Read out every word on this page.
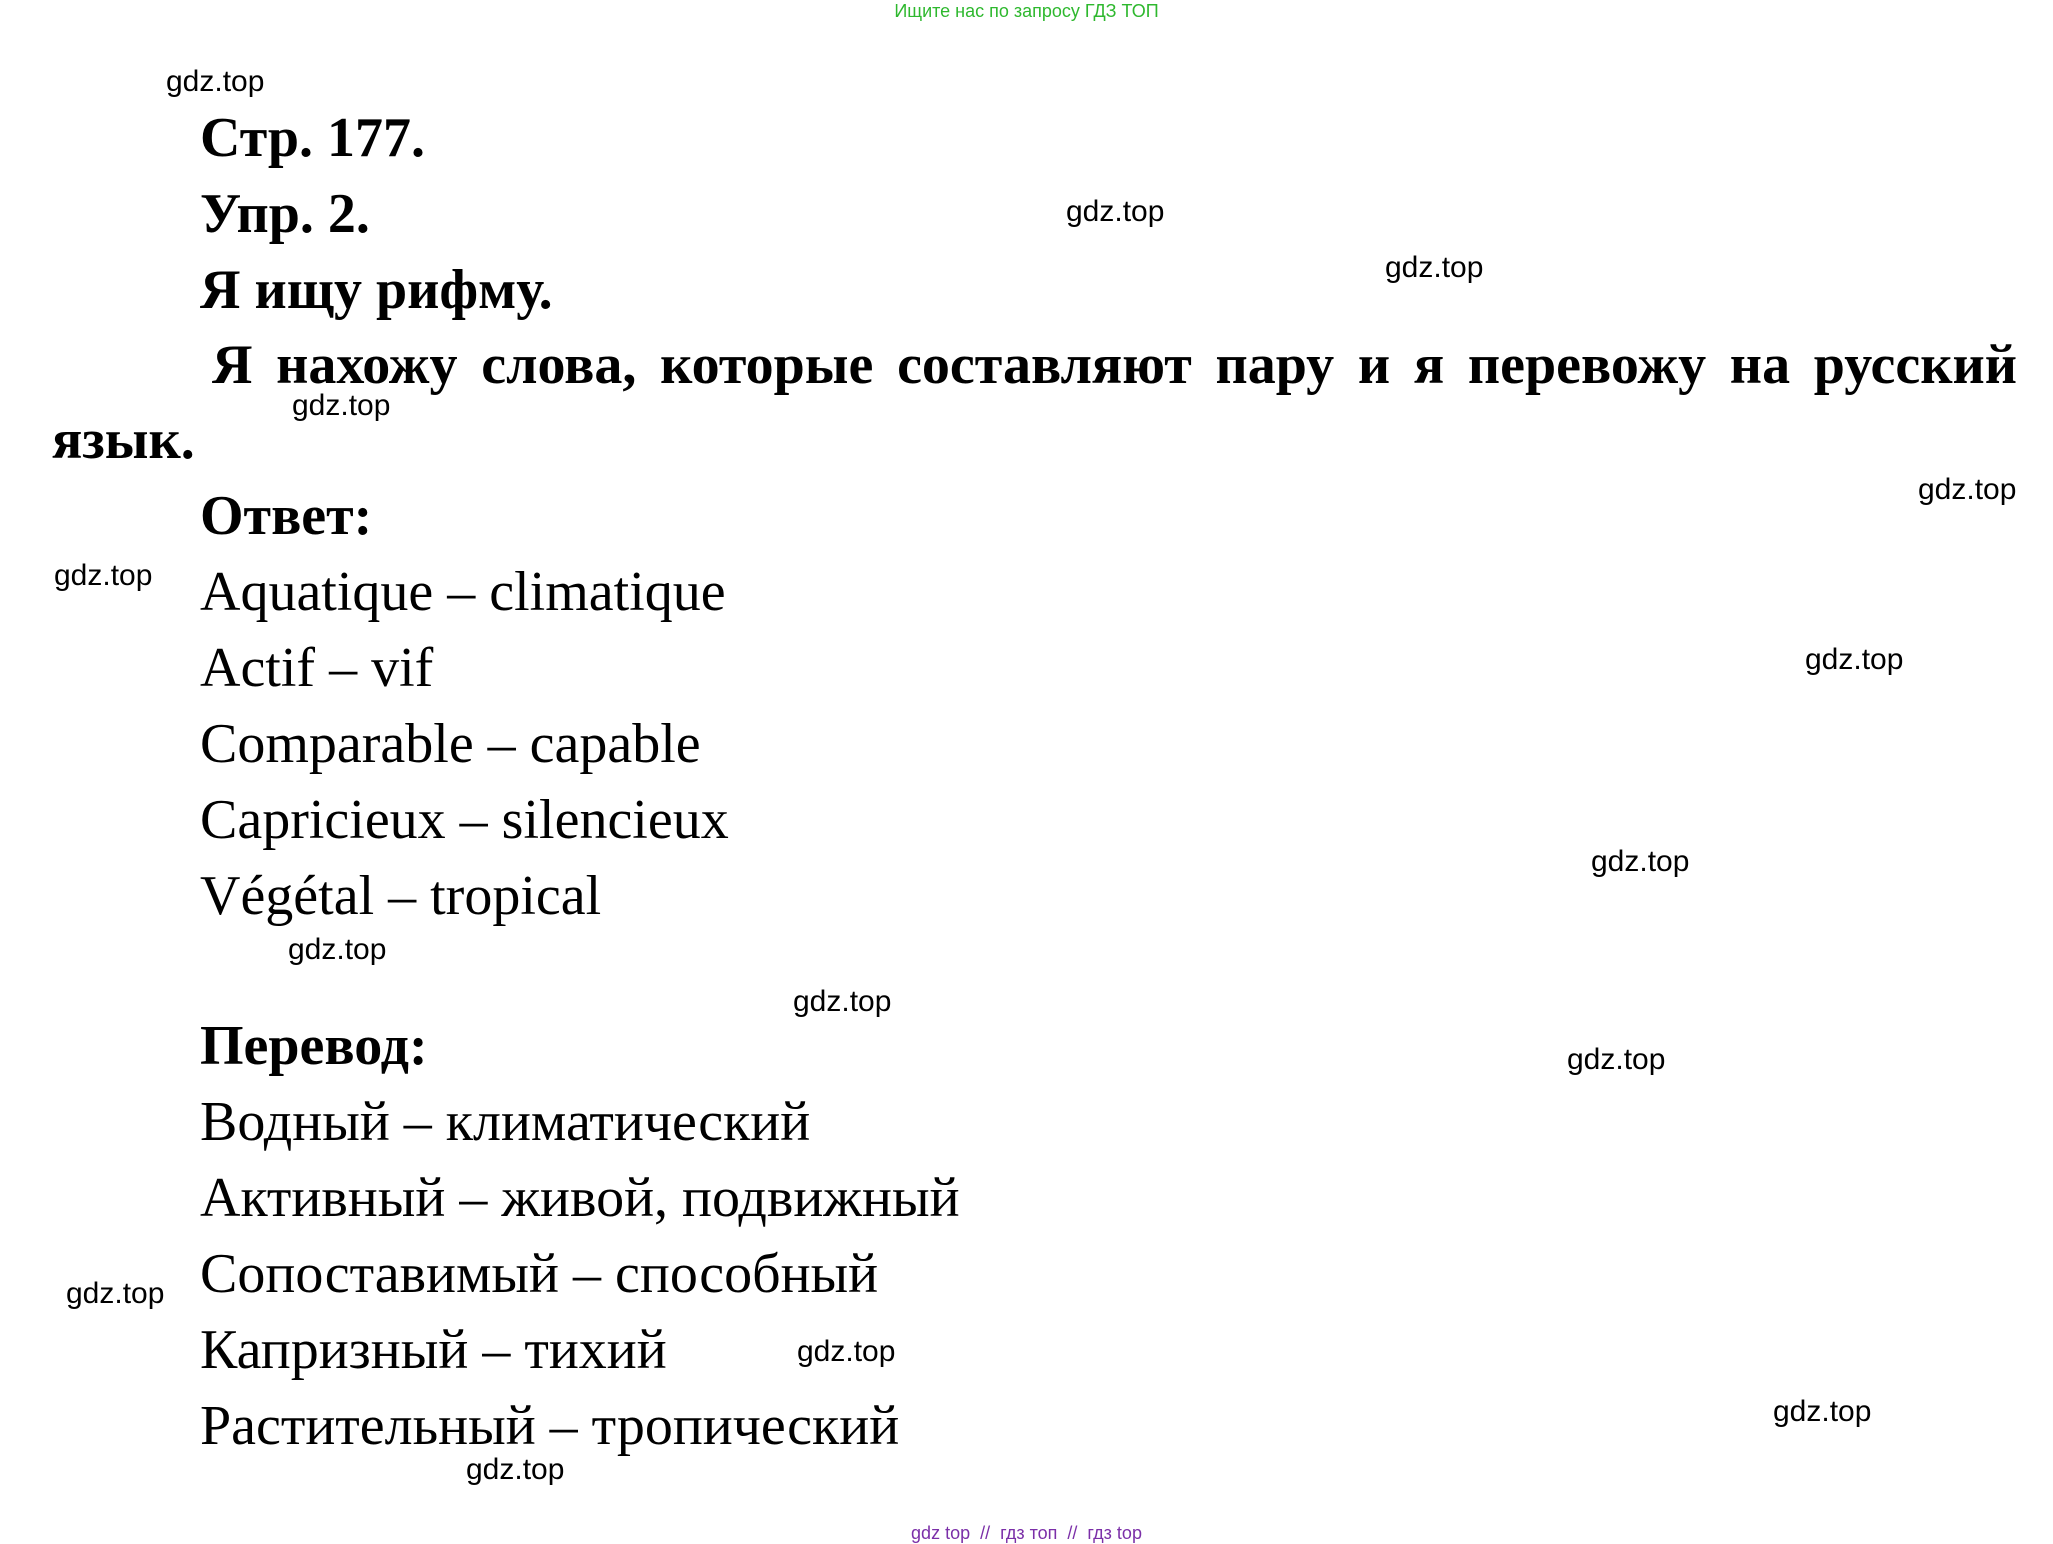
Ищите нас по запросу ГДЗ ТОП
Стр. 177.
Упр. 2.
Я ищу рифму.
Я нахожу слова, которые составляют пару и я перевожу на русский язык.
Ответ:
Aquatique – climatique
Actif – vif
Comparable – capable
Capricieux – silencieux
Végétal – tropical
Перевод:
Водный – климатический
Активный – живой, подвижный
Сопоставимый – способный
Капризный – тихий
Растительный – тропический
gdz.top
gdz.top
gdz.top
gdz.top
gdz.top
gdz.top
gdz.top
gdz.top
gdz.top
gdz.top
gdz.top
gdz.top
gdz.top
gdz.top
gdz.top
gdz top  //  гдз топ  //  гдз top
